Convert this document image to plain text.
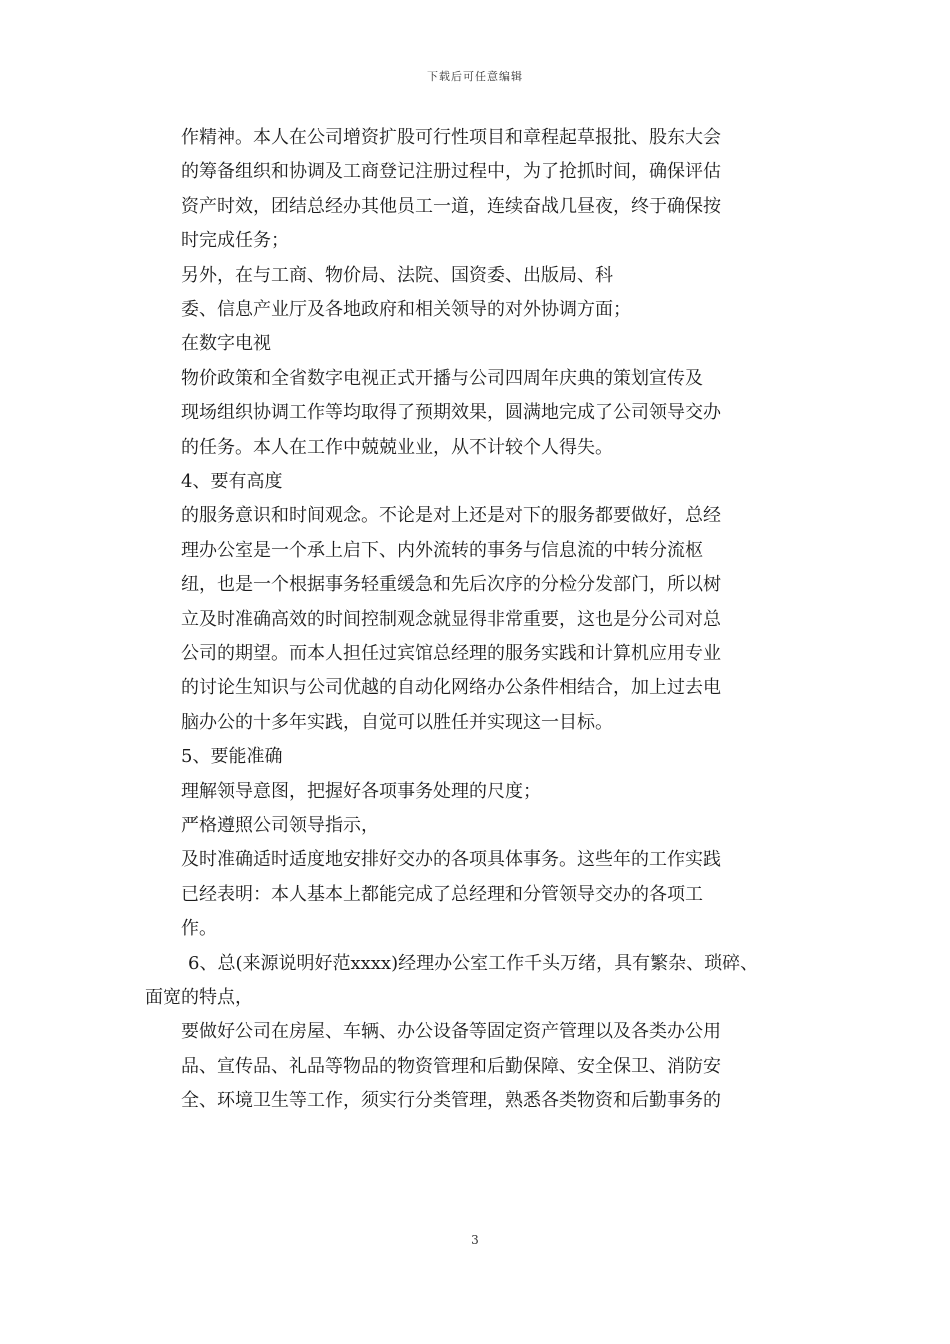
下载后可任意编辑
作精神。本人在公司增资扩股可行性项目和章程起草报批、股东大会
的筹备组织和协调及工商登记注册过程中，为了抢抓时间，确保评估
资产时效，团结总经办其他员工一道，连续奋战几昼夜，终于确保按
时完成任务；
另外，在与工商、物价局、法院、国资委、出版局、科
委、信息产业厅及各地政府和相关领导的对外协调方面；
在数字电视
物价政策和全省数字电视正式开播与公司四周年庆典的策划宣传及
现场组织协调工作等均取得了预期效果，圆满地完成了公司领导交办
的任务。本人在工作中兢兢业业，从不计较个人得失。
4、要有高度
的服务意识和时间观念。不论是对上还是对下的服务都要做好，总经
理办公室是一个承上启下、内外流转的事务与信息流的中转分流枢
纽，也是一个根据事务轻重缓急和先后次序的分检分发部门，所以树
立及时准确高效的时间控制观念就显得非常重要，这也是分公司对总
公司的期望。而本人担任过宾馆总经理的服务实践和计算机应用专业
的讨论生知识与公司优越的自动化网络办公条件相结合，加上过去电
脑办公的十多年实践，自觉可以胜任并实现这一目标。
5、要能准确
理解领导意图，把握好各项事务处理的尺度；
严格遵照公司领导指示，
及时准确适时适度地安排好交办的各项具体事务。这些年的工作实践
已经表明：本人基本上都能完成了总经理和分管领导交办的各项工
作。
6、总(来源说明好范xxxx)经理办公室工作千头万绪，具有繁杂、琐碎、
面宽的特点，
要做好公司在房屋、车辆、办公设备等固定资产管理以及各类办公用
品、宣传品、礼品等物品的物资管理和后勤保障、安全保卫、消防安
全、环境卫生等工作，须实行分类管理，熟悉各类物资和后勤事务的
3
